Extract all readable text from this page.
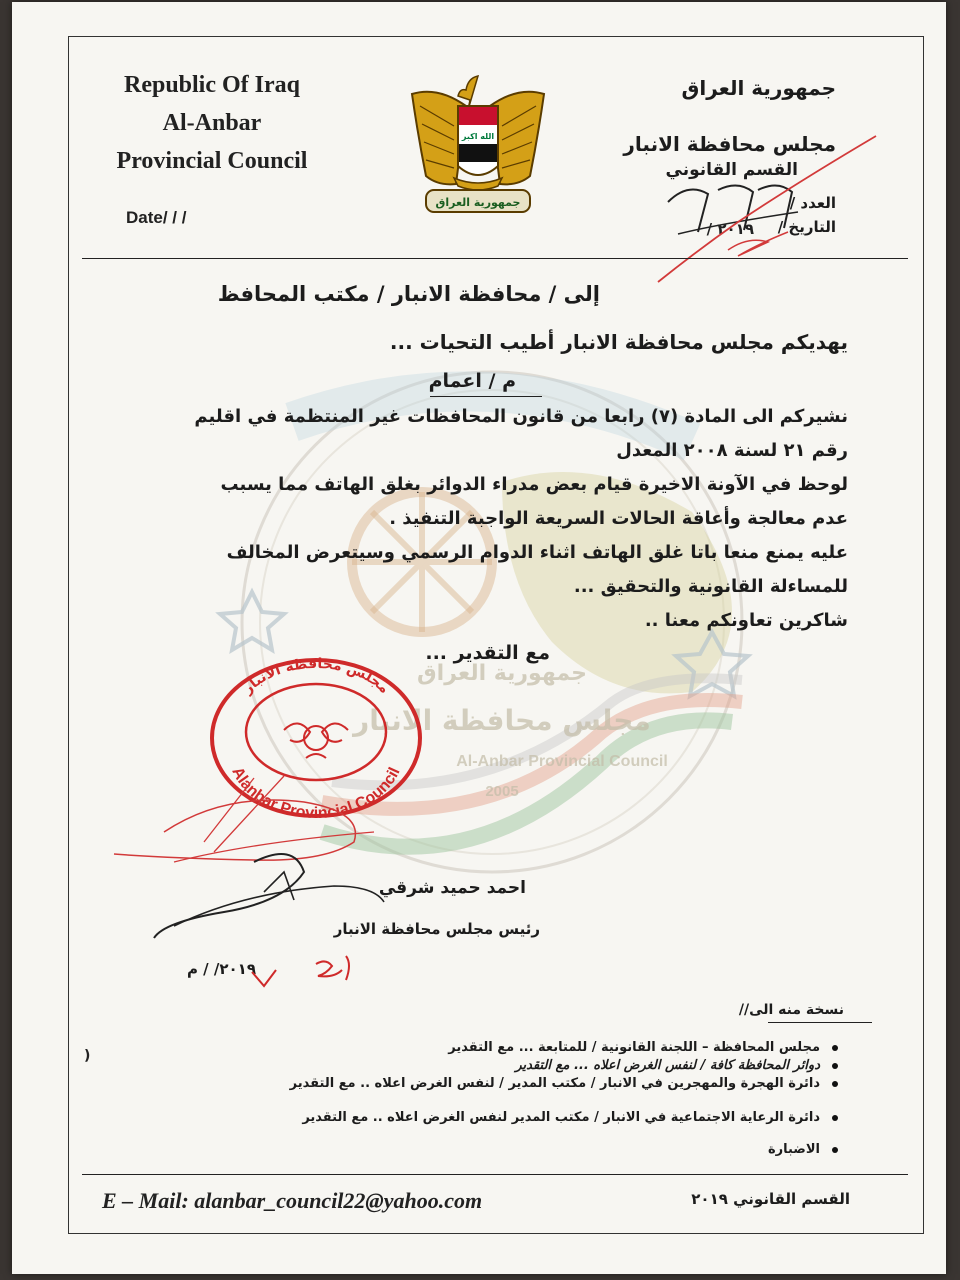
جمهورية العراق
مجلس محافظة الانبار
Al-Anbar Provincial Council
2005
Republic Of Iraq
Al-Anbar
Provincial Council
Date/ / /
الله اكبر
جمهورية العراق
جمهورية العراق
مجلس محافظة الانبار
القسم القانوني
العدد /
التاريخ /
/ ٢٠١٩
إلى / محافظة الانبار / مكتب المحافظ
يهديكم مجلس محافظة الانبار أطيب التحيات ...
م / اعمام
نشيركم الى المادة (٧) رابعا من قانون المحافظات غير المنتظمة في اقليم
رقم ٢١ لسنة ٢٠٠٨ المعدل
لوحظ في الآونة الاخيرة قيام بعض مدراء الدوائر بغلق الهاتف مما يسبب
عدم معالجة وأعاقة الحالات السريعة الواجبة التنفيذ .
عليه يمنع منعا باتا غلق الهاتف اثناء الدوام الرسمي وسيتعرض المخالف
للمساءلة القانونية والتحقيق ...
شاكرين تعاونكم معنا ..
مع التقدير ...
Alanbar Provincial Council
مجلس محافظة الانبار
احمد حميد شرقي
رئيس مجلس محافظة الانبار
٢٠١٩/ / م
نسخة منه الى//
مجلس المحافظة – اللجنة القانونية / للمتابعة ... مع التقدير
دوائر المحافظة كافة / لنفس الغرض اعلاه ... مع التقدير
دائرة الهجرة والمهجرين في الانبار / مكتب المدير / لنفس الغرض اعلاه .. مع التقدير
دائرة الرعاية الاجتماعية في الانبار / مكتب المدير لنفس الغرض اعلاه .. مع التقدير
الاضبارة
)
E – Mail: alanbar_council22@yahoo.com	القسم القانوني ٢٠١٩
